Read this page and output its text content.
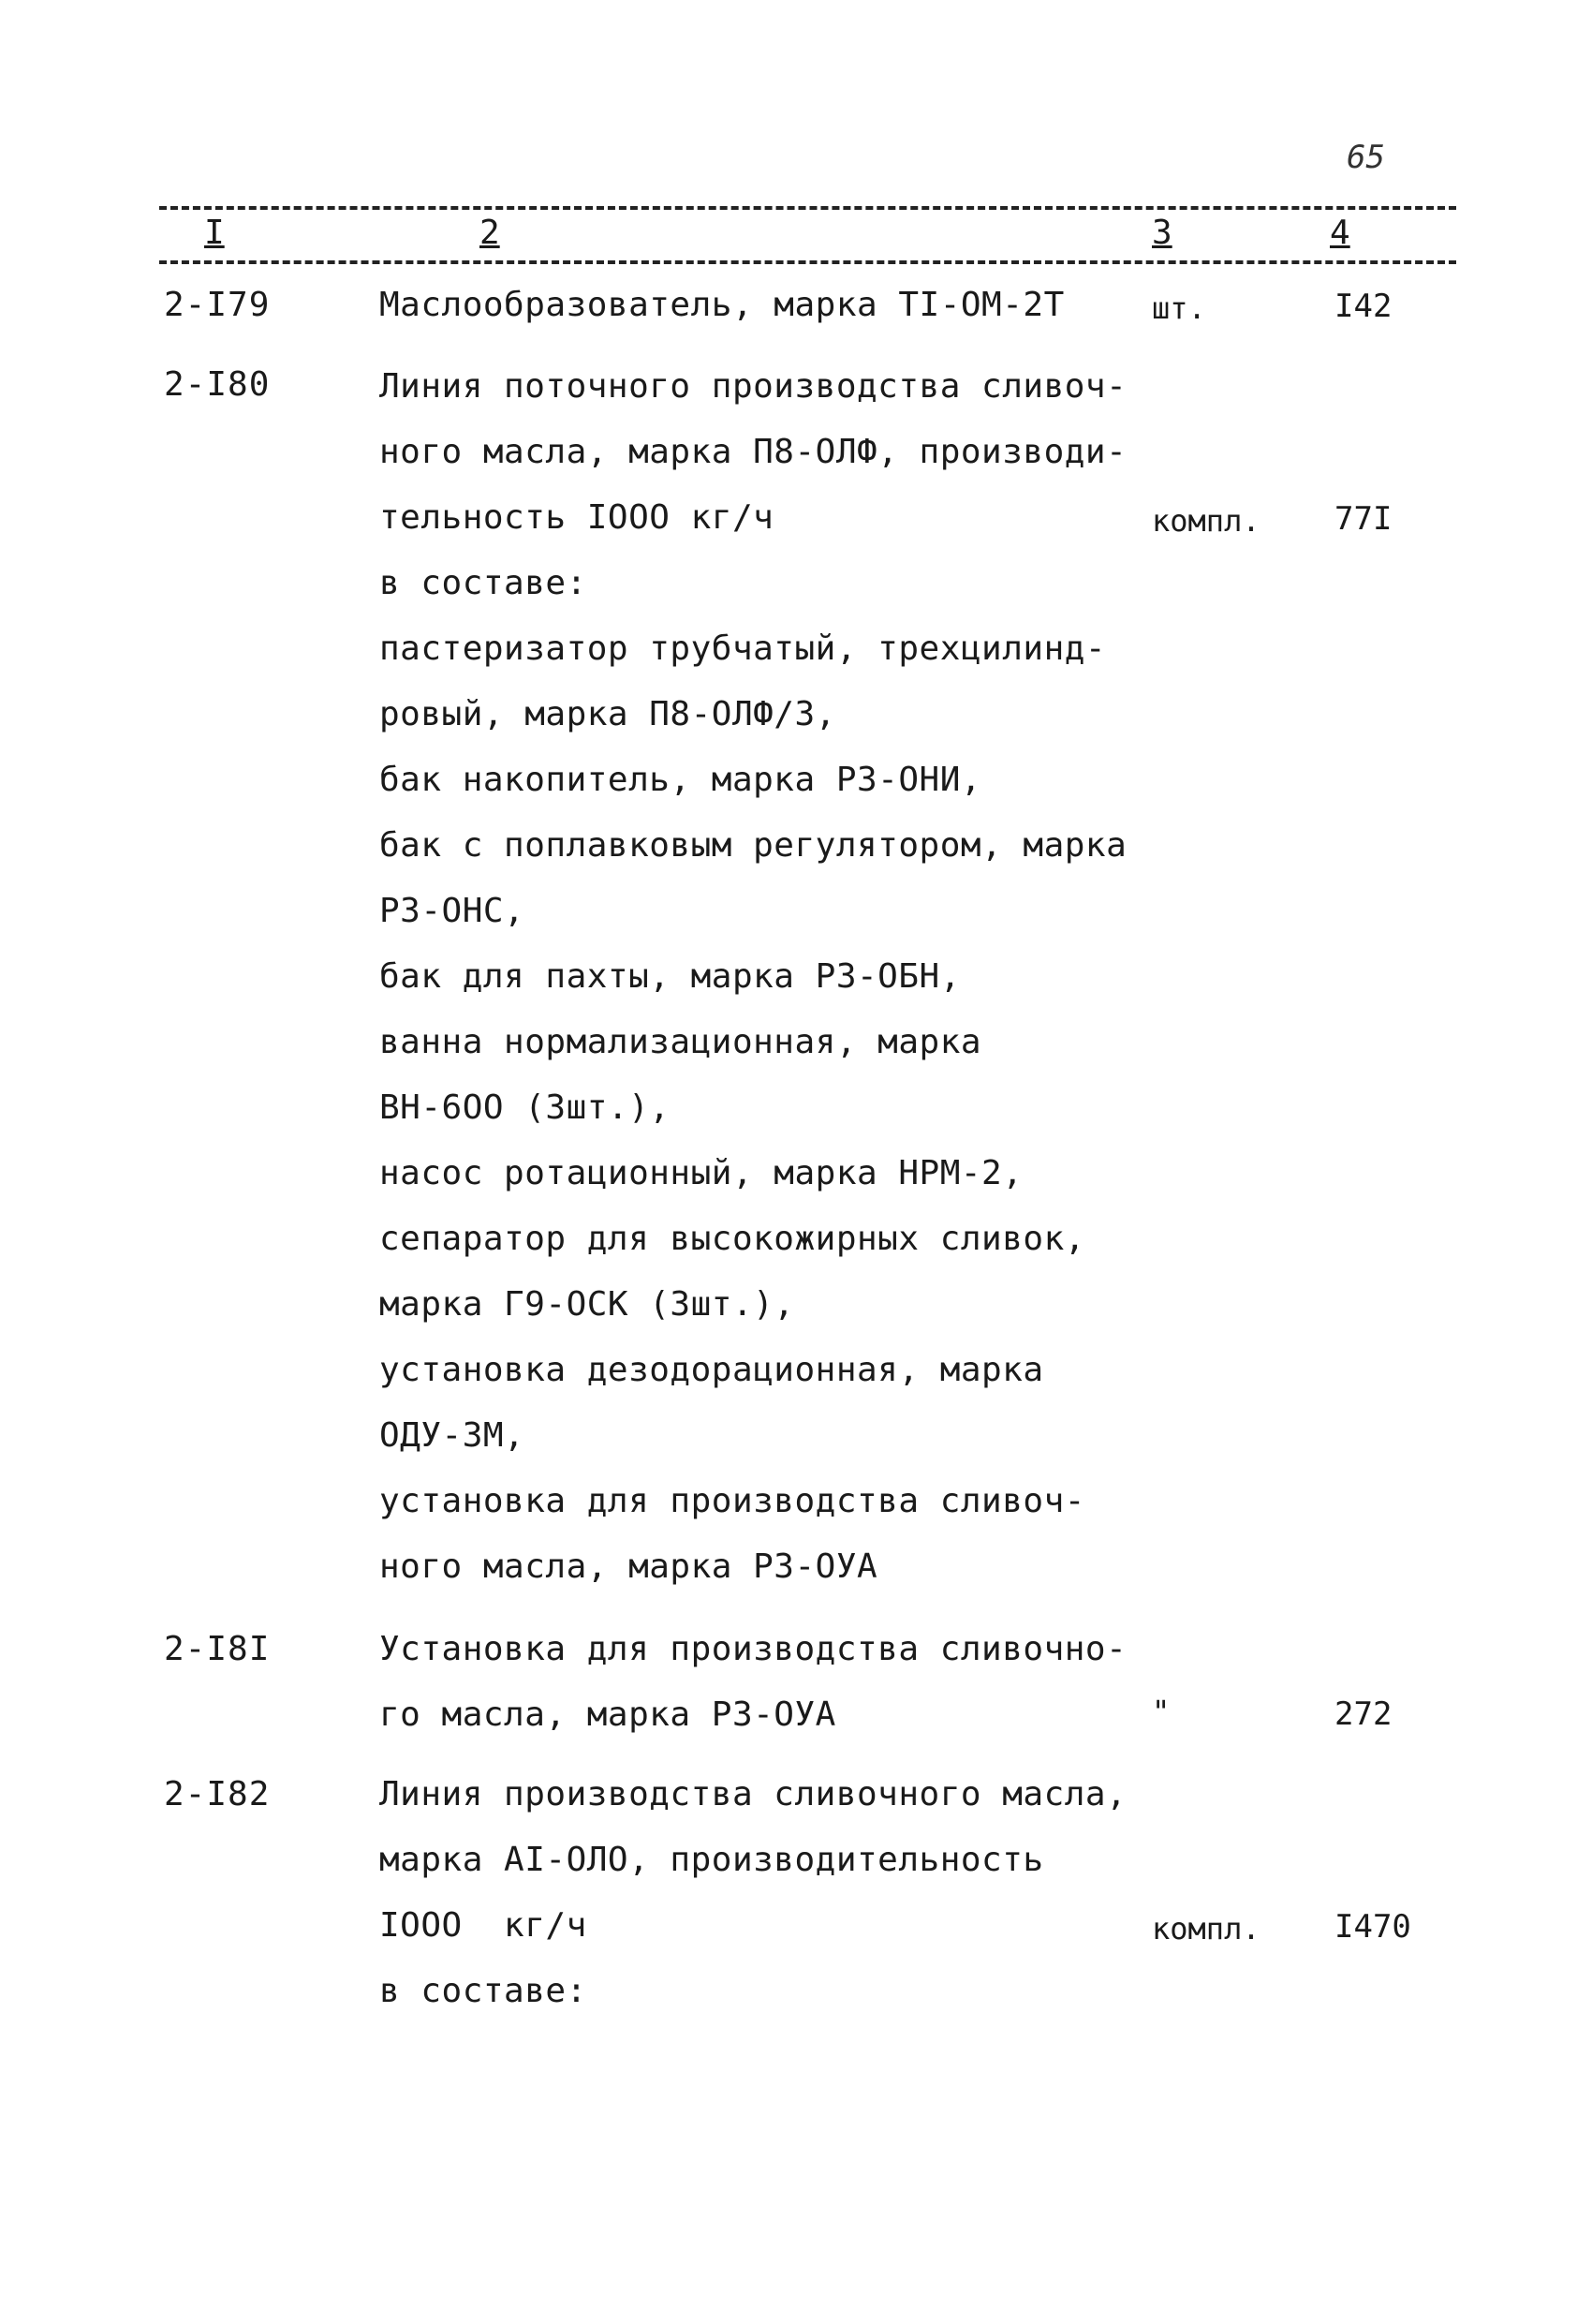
65
I	2	3	4
2-I79	Маслообразователь, марка ТI-ОМ-2Т	шт.	I42
2-I80	Линия поточного производства сливоч-
ного масла, марка П8-ОЛФ, производи-
тельность IООО кг/ч	компл. 77I
в составе:
пастеризатор трубчатый, трехцилинд-
ровый, марка П8-ОЛФ/3,
бак накопитель, марка РЗ-ОНИ,
бак с поплавковым регулятором, марка
РЗ-ОНС,
бак для пахты, марка РЗ-ОБН,
ванна нормализационная, марка
ВН-6ОО (3шт.),
насос ротационный, марка НРМ-2,
сепаратор для высокожирных сливок,
марка Г9-ОСК (3шт.),
установка дезодорационная, марка
ОДУ-3М,
установка для производства сливоч-
ного масла, марка РЗ-ОУА
2-I8I	Установка для производства сливочно-
го масла, марка РЗ-ОУА	"	272
2-I82	Линия производства сливочного масла,
марка АI-ОЛО, производительность
IООО  кг/ч	компл. I470
в составе:
